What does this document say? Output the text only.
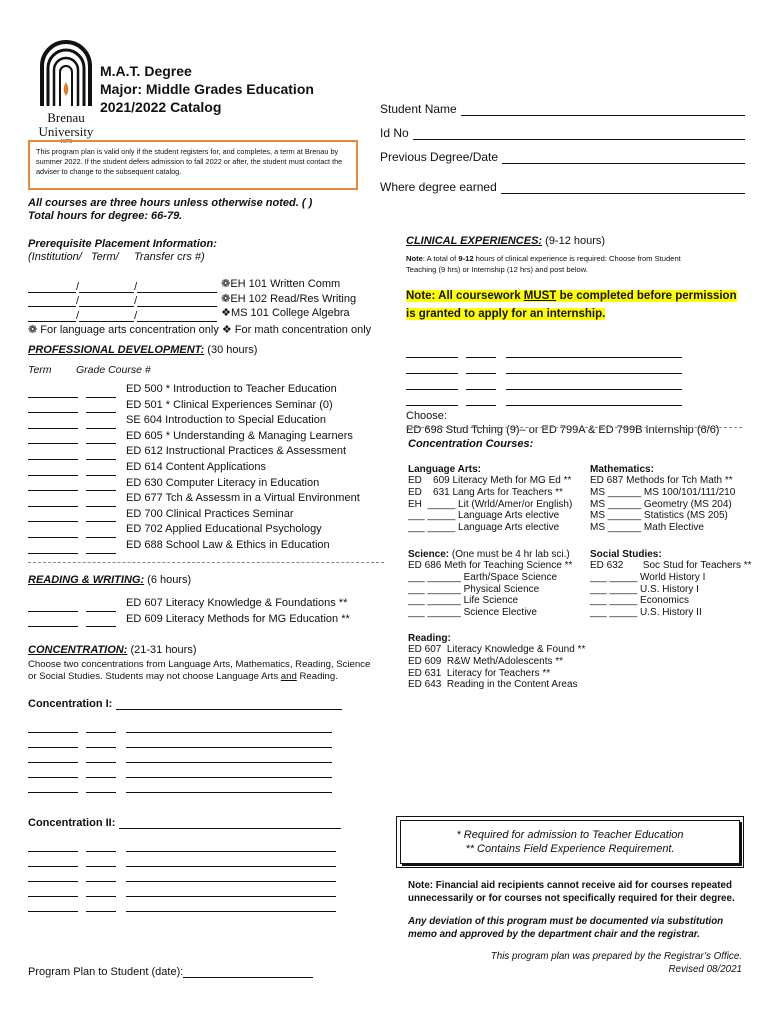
Brenau University
1878
M.A.T. Degree
Major: Middle Grades Education
2021/2022 Catalog
This program plan is valid only if the student registers for, and completes, a term at Brenau by summer 2022. If the student defers admission to fall 2022 or after, the student must contact the adviser to change to the subsequent catalog.
Student Name
Id No
Previous Degree/Date
Where degree earned
All courses are three hours unless otherwise noted. ( )
Total hours for degree: 66-79.
Prerequisite Placement Information:
(Institution/   Term/     Transfer crs #)
/	/	❁EH 101 Written Comm
/	/	❁EH 102 Read/Res Writing
/	/	❖MS 101 College Algebra
❁ For language arts concentration only ❖ For math concentration only
PROFESSIONAL DEVELOPMENT: (30 hours)
Term Grade Course #
ED 500 * Introduction to Teacher Education
ED 501 * Clinical Experiences Seminar (0)
SE 604 Introduction to Special Education
ED 605 * Understanding & Managing Learners
ED 612 Instructional Practices & Assessment
ED 614 Content Applications
ED 630 Computer Literacy in Education
ED 677 Tch & Assessm in a Virtual Environment
ED 700 Clinical Practices Seminar
ED 702 Applied Educational Psychology
ED 688 School Law & Ethics in Education
READING & WRITING: (6 hours)
ED 607 Literacy Knowledge & Foundations **
ED 609 Literacy Methods for MG Education **
CONCENTRATION: (21-31 hours)
Choose two concentrations from Language Arts, Mathematics, Reading, Science
or Social Studies. Students may not choose Language Arts and Reading.
Concentration I:
Concentration II:
Program Plan to Student (date):
CLINICAL EXPERIENCES: (9-12 hours)
Note: A total of 9-12 hours of clinical experience is required: Choose from Student
Teaching (9 hrs) or Internship (12 hrs) and post below.
Note: All coursework MUST be completed before permission
is granted to apply for an internship.
Choose:
ED 698 Stud Tching (9)– or ED 799A & ED 799B Internship (6/6)
Concentration Courses:
Language Arts:
ED    609 Literacy Meth for MG Ed **
ED    631 Lang Arts for Teachers **
EH  _____ Lit (Wrld/Amer/or English)
___ _____ Language Arts elective
___ _____ Language Arts elective
Mathematics:
ED 687 Methods for Tch Math **
MS ______ MS 100/101/111/210
MS ______ Geometry (MS 204)
MS ______ Statistics (MS 205)
MS ______ Math Elective
Science: (One must be 4 hr lab sci.)
ED 686 Meth for Teaching Science **
___ ______ Earth/Space Science
___ ______ Physical Science
___ ______ Life Science
___ ______ Science Elective
Social Studies:
ED 632       Soc Stud for Teachers **
___ _____ World History I
___ _____ U.S. History I
___ _____ Economics
___ _____ U.S. History II
Reading:
ED 607  Literacy Knowledge & Found **
ED 609  R&W Meth/Adolescents **
ED 631  Literacy for Teachers **
ED 643  Reading in the Content Areas
* Required for admission to Teacher Education
** Contains Field Experience Requirement.
Note: Financial aid recipients cannot receive aid for courses repeated
unnecessarily or for courses not specifically required for their degree.
Any deviation of this program must be documented via substitution
memo and approved by the department chair and the registrar.
This program plan was prepared by the Registrar’s Office.
Revised 08/2021
